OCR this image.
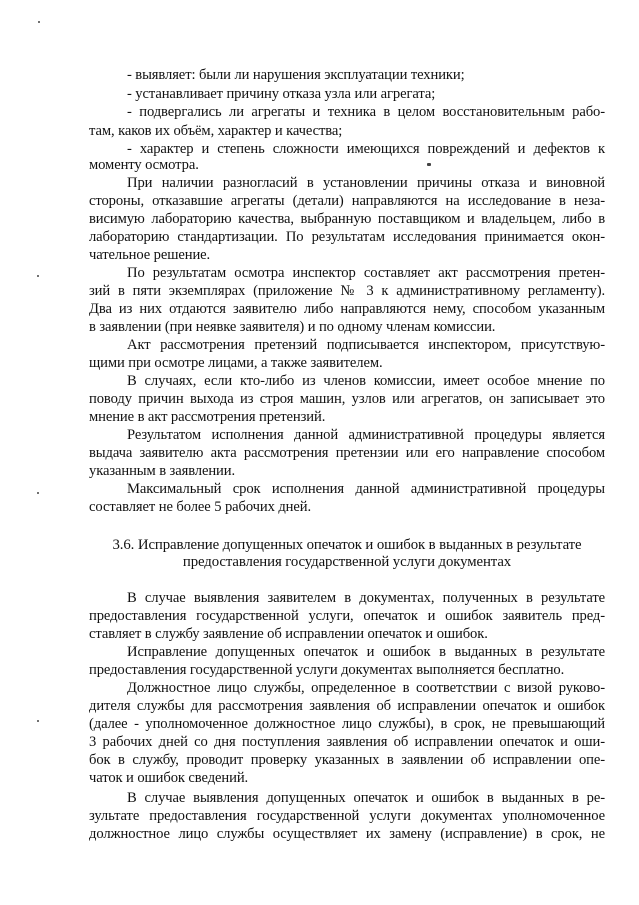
- выявляет: были ли нарушения эксплуатации техники;
- устанавливает причину отказа узла или агрегата;
- подвергались ли агрегаты и техника в целом восстановительным рабо-
там, каков их объём, характер и качества;
- характер и степень сложности имеющихся повреждений и дефектов к
моменту осмотра.
При наличии разногласий в установлении причины отказа и виновной
стороны, отказавшие агрегаты (детали) направляются на исследование в неза-
висимую лабораторию качества, выбранную поставщиком и владельцем, либо в
лабораторию стандартизации. По результатам исследования принимается окон-
чательное решение.
По результатам осмотра инспектор составляет акт рассмотрения претен-
зий в пяти экземплярах (приложение № 3 к административному регламенту).
Два из них отдаются заявителю либо направляются нему, способом указанным
в заявлении (при неявке заявителя) и по одному членам комиссии.
Акт рассмотрения претензий подписывается инспектором, присутствую-
щими при осмотре лицами, а также заявителем.
В случаях, если кто-либо из членов комиссии, имеет особое мнение по
поводу причин выхода из строя машин, узлов или агрегатов, он записывает это
мнение в акт рассмотрения претензий.
Результатом исполнения данной административной процедуры является
выдача заявителю акта рассмотрения претензии или его направление способом
указанным в заявлении.
Максимальный срок исполнения данной административной процедуры
составляет не более 5 рабочих дней.
3.6. Исправление допущенных опечаток и ошибок в выданных в результате
предоставления государственной услуги документах
В случае выявления заявителем в документах, полученных в результате
предоставления государственной услуги, опечаток и ошибок заявитель пред-
ставляет в службу заявление об исправлении опечаток и ошибок.
Исправление допущенных опечаток и ошибок в выданных в результате
предоставления государственной услуги документах выполняется бесплатно.
Должностное лицо службы, определенное в соответствии с визой руково-
дителя службы для рассмотрения заявления об исправлении опечаток и ошибок
(далее - уполномоченное должностное лицо службы), в срок, не превышающий
3 рабочих дней со дня поступления заявления об исправлении опечаток и оши-
бок в службу, проводит проверку указанных в заявлении об исправлении опе-
чаток и ошибок сведений.
В случае выявления допущенных опечаток и ошибок в выданных в ре-
зультате предоставления государственной услуги документах уполномоченное
должностное лицо службы осуществляет их замену (исправление) в срок, не
